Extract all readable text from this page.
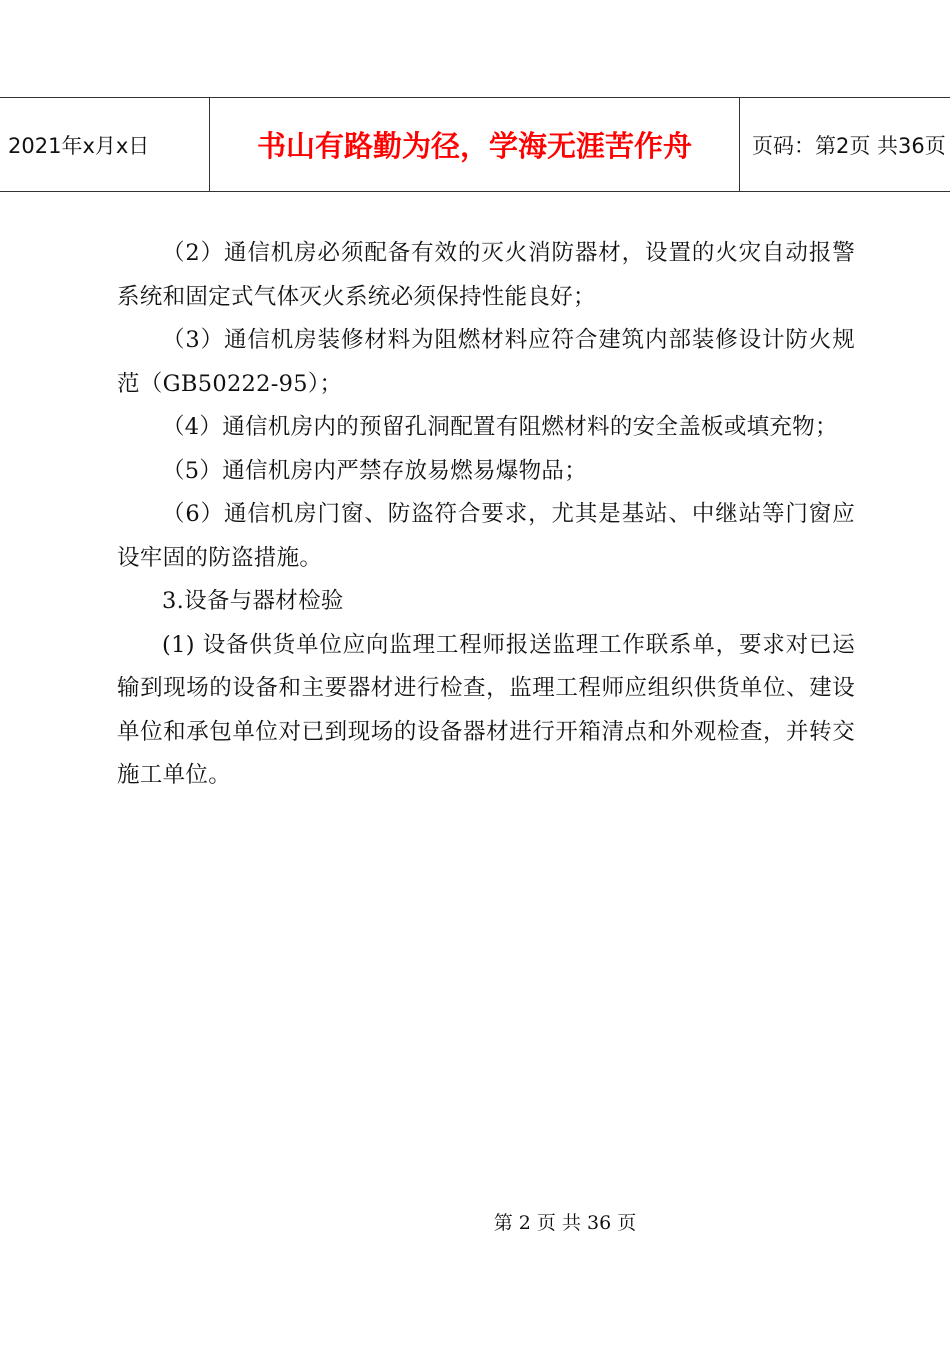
2021年x月x日	书山有路勤为径，学海无涯苦作舟	页码：第2页 共36页

（2）通信机房必须配备有效的灭火消防器材，设置的火灾自动报警系统和固定式气体灭火系统必须保持性能良好；

（3）通信机房装修材料为阻燃材料应符合建筑内部装修设计防火规范（GB50222-95）；

（4）通信机房内的预留孔洞配置有阻燃材料的安全盖板或填充物；

（5）通信机房内严禁存放易燃易爆物品；

（6）通信机房门窗、防盗符合要求，尤其是基站、中继站等门窗应设牢固的防盗措施。

3.设备与器材检验

(1) 设备供货单位应向监理工程师报送监理工作联系单，要求对已运输到现场的设备和主要器材进行检查，监理工程师应组织供货单位、建设单位和承包单位对已到现场的设备器材进行开箱清点和外观检查，并转交施工单位。

第 2 页 共 36 页
